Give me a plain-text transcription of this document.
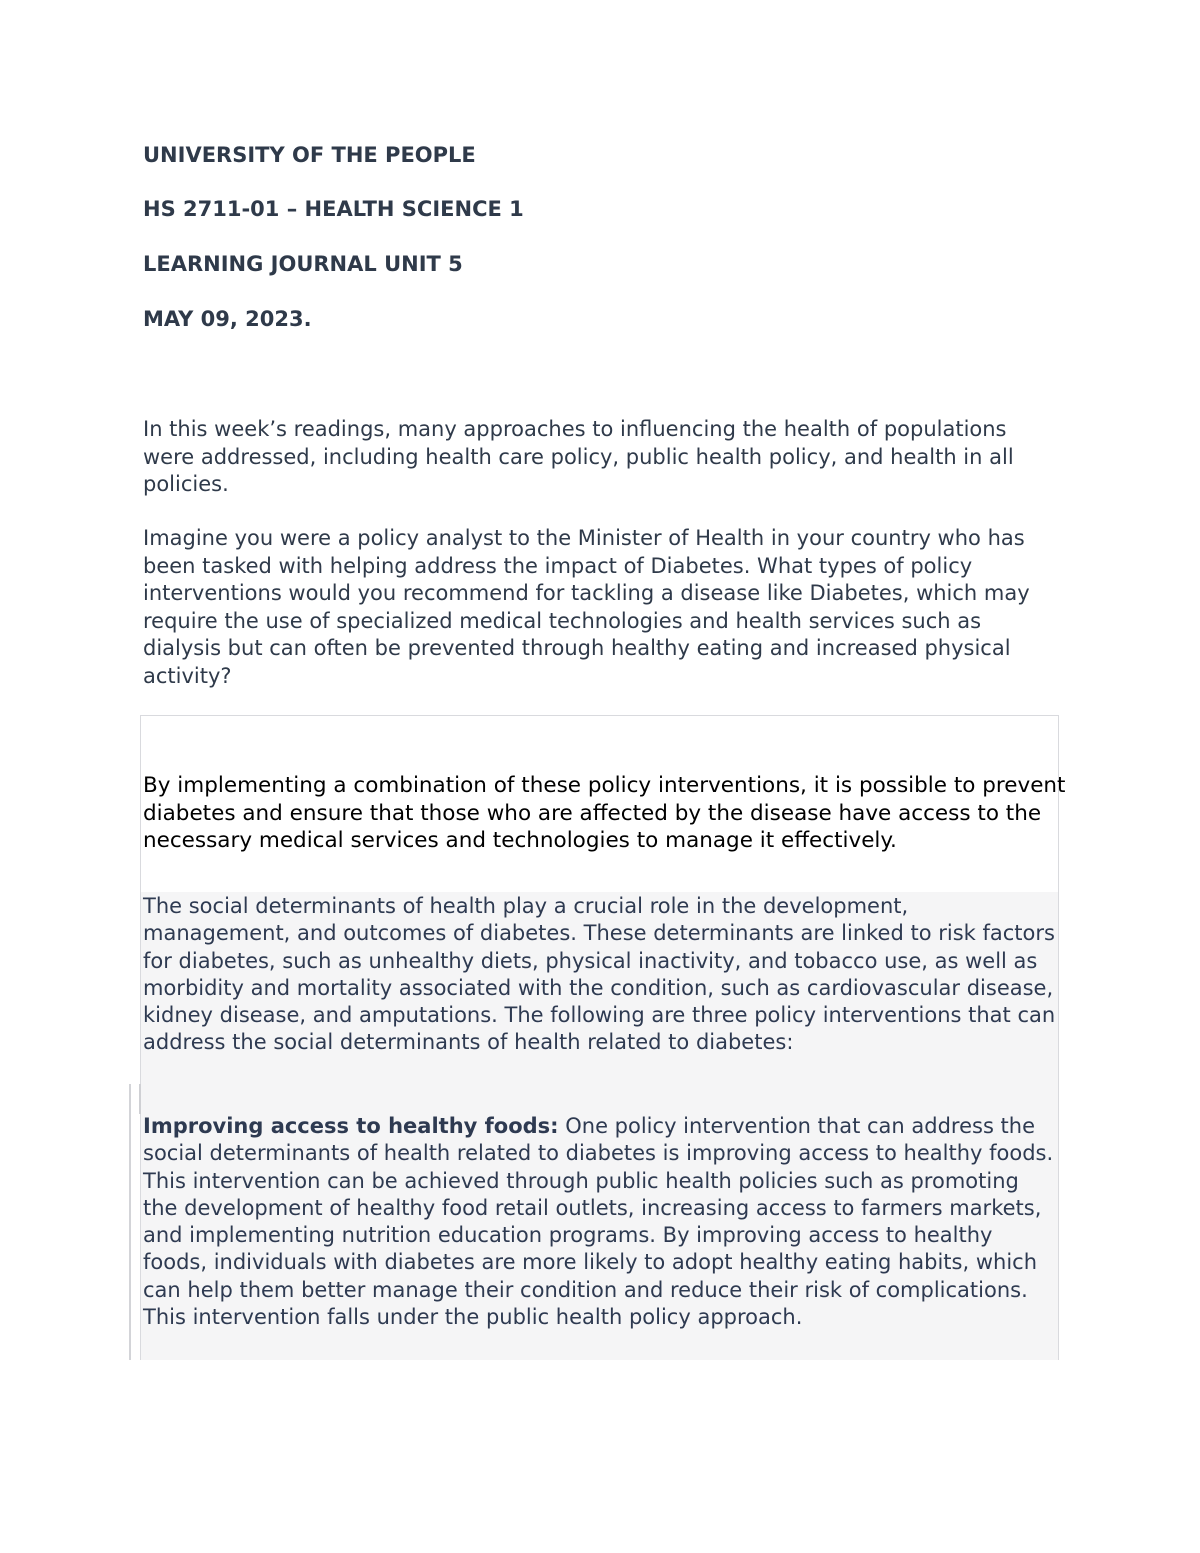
UNIVERSITY OF THE PEOPLE

HS 2711-01 – HEALTH SCIENCE 1

LEARNING JOURNAL UNIT 5

MAY 09, 2023.

In this week’s readings, many approaches to influencing the health of populations were addressed, including health care policy, public health policy, and health in all policies.

Imagine you were a policy analyst to the Minister of Health in your country who has been tasked with helping address the impact of Diabetes. What types of policy interventions would you recommend for tackling a disease like Diabetes, which may require the use of specialized medical technologies and health services such as dialysis but can often be prevented through healthy eating and increased physical activity?

By implementing a combination of these policy interventions, it is possible to prevent diabetes and ensure that those who are affected by the disease have access to the necessary medical services and technologies to manage it effectively.

The social determinants of health play a crucial role in the development, management, and outcomes of diabetes. These determinants are linked to risk factors for diabetes, such as unhealthy diets, physical inactivity, and tobacco use, as well as morbidity and mortality associated with the condition, such as cardiovascular disease, kidney disease, and amputations. The following are three policy interventions that can address the social determinants of health related to diabetes:

Improving access to healthy foods: One policy intervention that can address the social determinants of health related to diabetes is improving access to healthy foods. This intervention can be achieved through public health policies such as promoting the development of healthy food retail outlets, increasing access to farmers markets, and implementing nutrition education programs. By improving access to healthy foods, individuals with diabetes are more likely to adopt healthy eating habits, which can help them better manage their condition and reduce their risk of complications. This intervention falls under the public health policy approach.
